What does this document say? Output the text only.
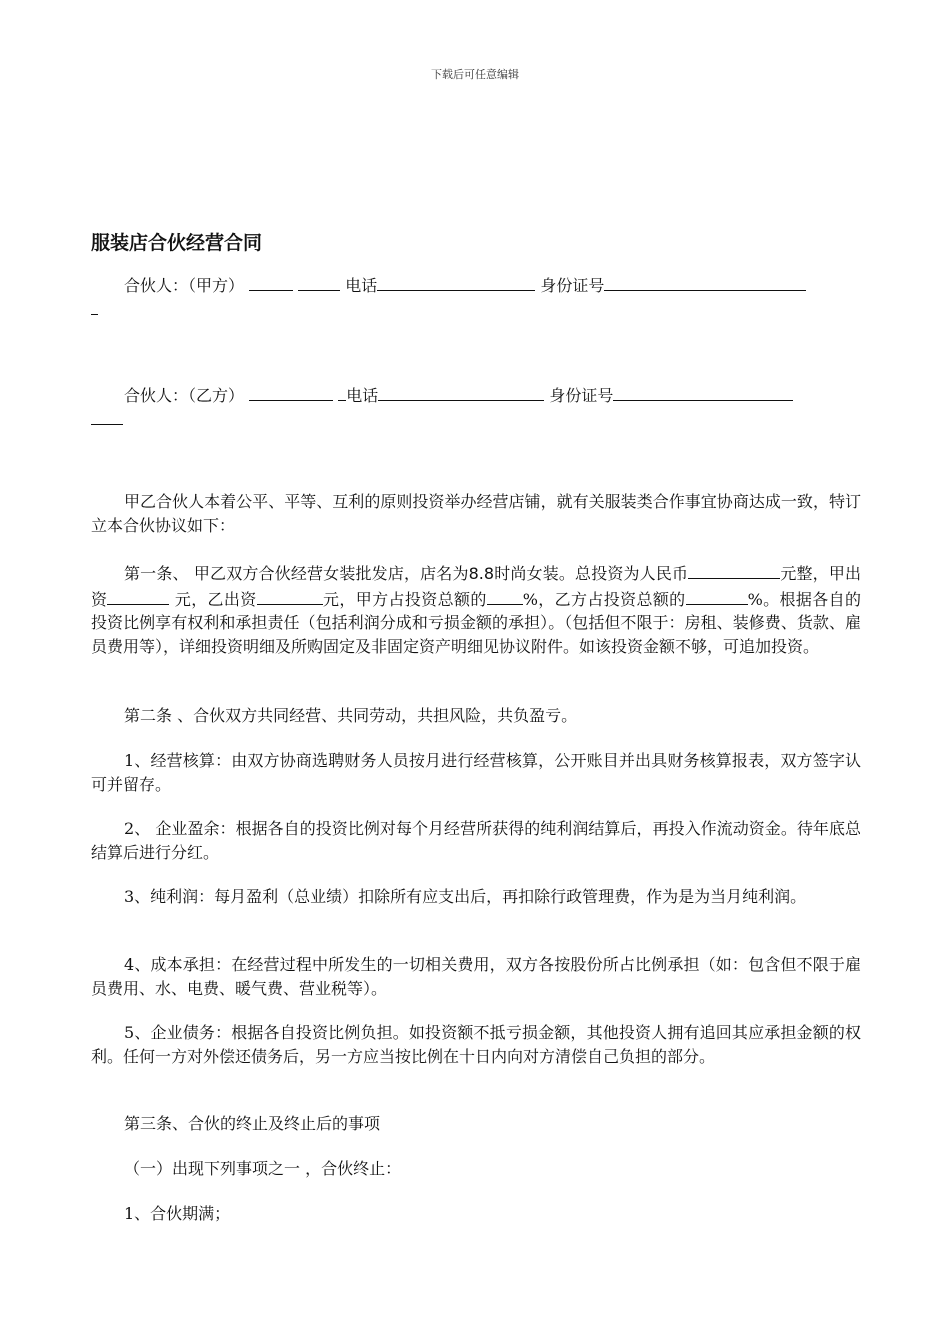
下载后可任意编辑
服装店合伙经营合同
合伙人：（甲方）	电话	身份证号
合伙人：（乙方）	电话	身份证号
甲乙合伙人本着公平、平等、互利的原则投资举办经营店铺，就有关服装类合作事宜协商达成一致，特订立本合伙协议如下：
第一条、 甲乙双方合伙经营女装批发店，店名为8.8时尚女装。总投资为人民币	元整，甲出资	元，乙出资	元，甲方占投资总额的 %，乙方占投资总额的	%。根据各自的投资比例享有权利和承担责任（包括利润分成和亏损金额的承担）。（包括但不限于：房租、装修费、货款、雇员费用等），详细投资明细及所购固定及非固定资产明细见协议附件。如该投资金额不够，可追加投资。
第二条 、合伙双方共同经营、共同劳动，共担风险，共负盈亏。
1、经营核算：由双方协商选聘财务人员按月进行经营核算，公开账目并出具财务核算报表，双方签字认可并留存。
2、 企业盈余：根据各自的投资比例对每个月经营所获得的纯利润结算后，再投入作流动资金。待年底总结算后进行分红。
3、纯利润：每月盈利（总业绩）扣除所有应支出后，再扣除行政管理费，作为是为当月纯利润。
4、成本承担：在经营过程中所发生的一切相关费用，双方各按股份所占比例承担（如：包含但不限于雇员费用、水、电费、暖气费、营业税等）。
5、企业债务：根据各自投资比例负担。如投资额不抵亏损金额，其他投资人拥有追回其应承担金额的权利。任何一方对外偿还债务后，另一方应当按比例在十日内向对方清偿自己负担的部分。
第三条、合伙的终止及终止后的事项
（一）出现下列事项之一 ，合伙终止：
1、合伙期满；
